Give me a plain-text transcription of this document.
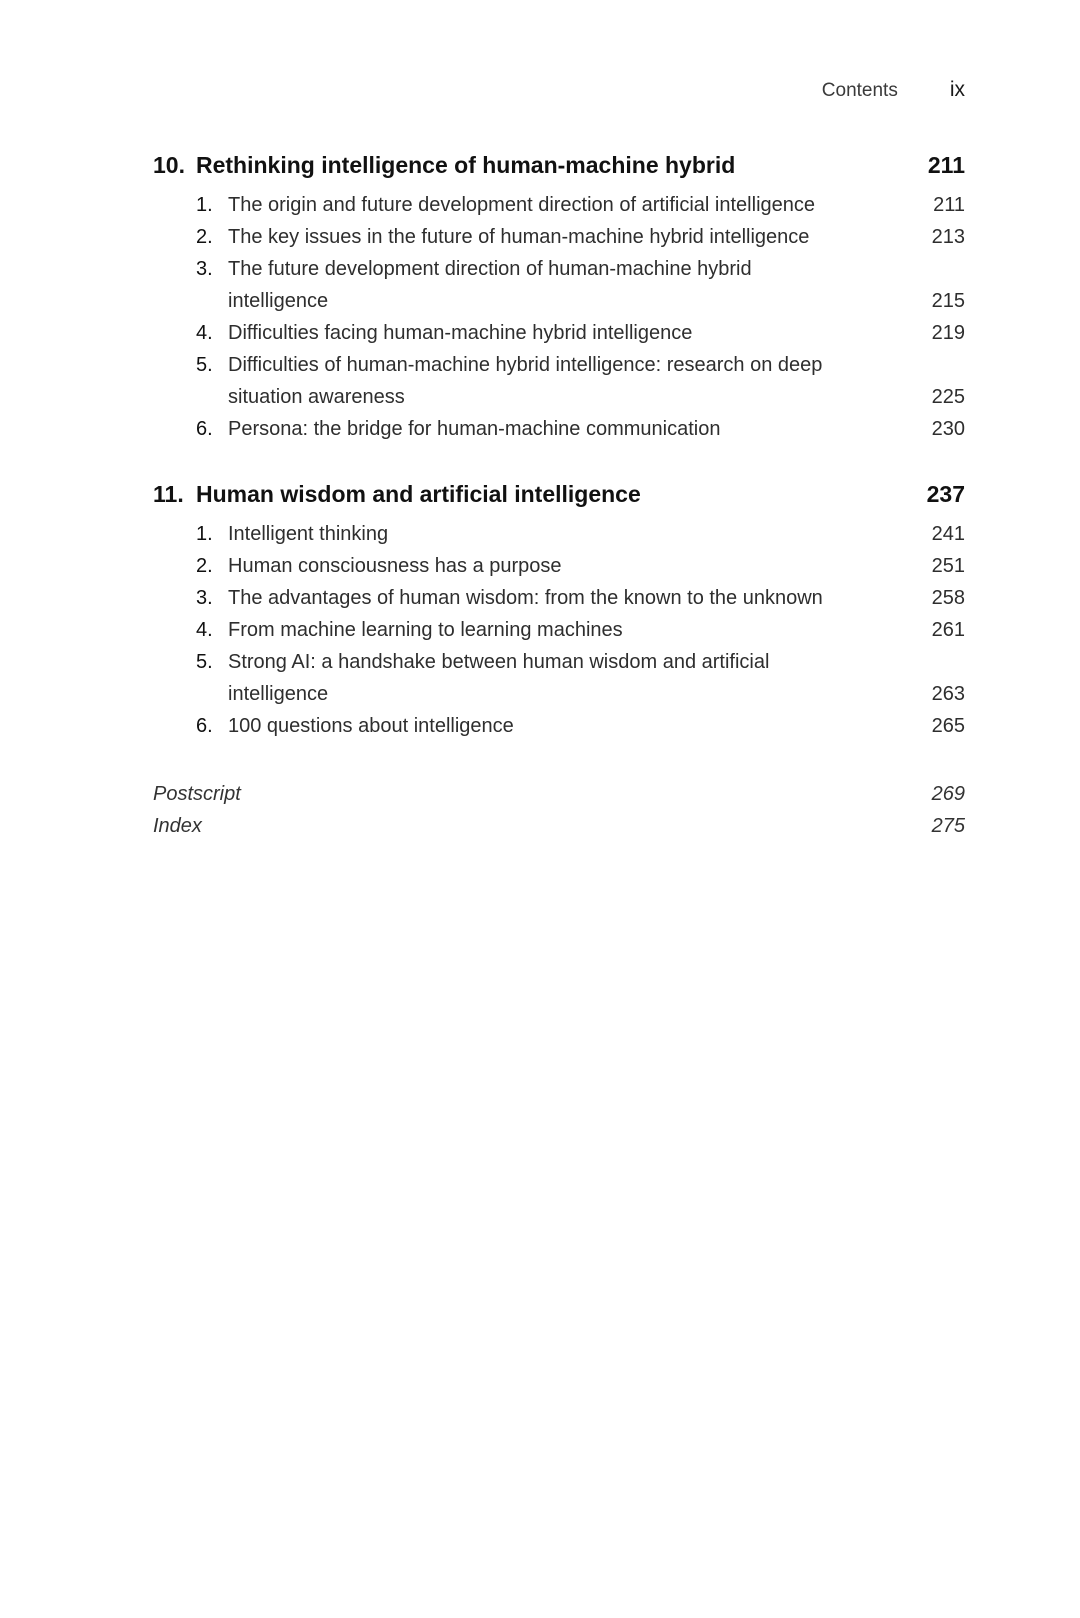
Contents ix
10. Rethinking intelligence of human-machine hybrid	211
1. The origin and future development direction of artificial intelligence	211
2. The key issues in the future of human-machine hybrid intelligence	213
3. The future development direction of human-machine hybrid intelligence	215
4. Difficulties facing human-machine hybrid intelligence	219
5. Difficulties of human-machine hybrid intelligence: research on deep situation awareness	225
6. Persona: the bridge for human-machine communication	230
11. Human wisdom and artificial intelligence	237
1. Intelligent thinking	241
2. Human consciousness has a purpose	251
3. The advantages of human wisdom: from the known to the unknown	258
4. From machine learning to learning machines	261
5. Strong AI: a handshake between human wisdom and artificial intelligence	263
6. 100 questions about intelligence	265
Postscript	269
Index	275
